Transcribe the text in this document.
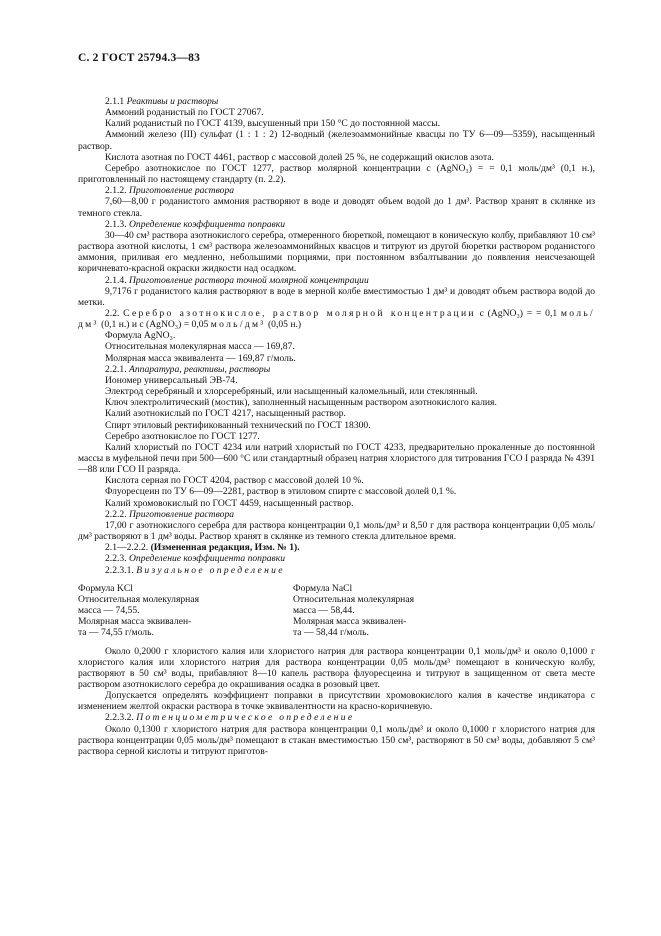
С. 2 ГОСТ 25794.3—83

2.1.1 Реактивы и растворы

Аммоний роданистый по ГОСТ 27067.

Калий роданистый по ГОСТ 4139, высушенный при 150 °С до постоянной массы.

Аммоний железо (III) сульфат (1 : 1 : 2) 12-водный (железоаммонийные квасцы по ТУ 6—09—5359), насыщенный раствор.

Кислота азотная по ГОСТ 4461, раствор с массовой долей 25 %, не содержащий окислов азота.

Серебро азотнокислое по ГОСТ 1277, раствор молярной концентрации c (AgNO₃) = = 0,1 моль/дм³ (0,1 н.), приготовленный по настоящему стандарту (п. 2.2).

2.1.2. Приготовление раствора

7,60—8,00 г роданистого аммония растворяют в воде и доводят объем водой до 1 дм³. Раствор хранят в склянке из темного стекла.

2.1.3. Определение коэффициента поправки

30—40 см³ раствора азотнокислого серебра, отмеренного бюреткой, помещают в коническую колбу, прибавляют 10 см³ раствора азотной кислоты, 1 см³ раствора железоаммонийных квасцов и титруют из другой бюретки раствором роданистого аммония, приливая его медленно, небольшими порциями, при постоянном взбалтывании до появления неисчезающей коричневато-красной окраски жидкости над осадком.

2.1.4. Приготовление раствора точной молярной концентрации

9,7176 г роданистого калия растворяют в воде в мерной колбе вместимостью 1 дм³ и доводят объем раствора водой до метки.

2.2. Серебро азотнокислое, раствор молярной концентрации c (AgNO₃) = = 0,1 моль/дм³ (0,1 н.) и c (AgNO₃) = 0,05 моль/дм³ (0,05 н.)

Формула AgNO₃.

Относительная молекулярная масса — 169,87.

Молярная масса эквивалента — 169,87 г/моль.

2.2.1. Аппаратура, реактивы, растворы

Иономер универсальный ЭВ-74.

Электрод серебряный и хлорсеребряный, или насыщенный каломельный, или стеклянный.

Ключ электролитический (мостик), заполненный насыщенным раствором азотнокислого калия.

Калий азотнокислый по ГОСТ 4217, насыщенный раствор.

Спирт этиловый ректификованный технический по ГОСТ 18300.

Серебро азотнокислое по ГОСТ 1277.

Калий хлористый по ГОСТ 4234 или натрий хлористый по ГОСТ 4233, предварительно прокаленные до постоянной массы в муфельной печи при 500—600 °С или стандартный образец натрия хлористого для титрования ГСО I разряда № 4391—88 или ГСО II разряда.

Кислота серная по ГОСТ 4204, раствор с массовой долей 10 %.

Флуоресцеин по ТУ 6—09—2281, раствор в этиловом спирте с массовой долей 0,1 %.

Калий хромовокислый по ГОСТ 4459, насыщенный раствор.

2.2.2. Приготовление раствора

17,00 г азотнокислого серебра для раствора концентрации 0,1 моль/дм³ и 8,50 г для раствора концентрации 0,05 моль/дм³ растворяют в 1 дм³ воды. Раствор хранят в склянке из темного стекла длительное время.

2.1—2.2.2. (Измененная редакция, Изм. № 1).

2.2.3. Определение коэффициента поправки

2.2.3.1. Визуальное определение

Формула KCl

Относительная молекулярная

масса — 74,55.

Молярная масса эквивален-

та — 74,55 г/моль.

Формула NaCl

Относительная молекулярная

масса — 58,44.

Молярная масса эквивален-

та — 58,44 г/моль.

Около 0,2000 г хлористого калия или хлористого натрия для раствора концентрации 0,1 моль/дм³ и около 0,1000 г хлористого калия или хлористого натрия для раствора концентрации 0,05 моль/дм³ помещают в коническую колбу, растворяют в 50 см³ воды, прибавляют 8—10 капель раствора флуоресцеина и титруют в защищенном от света месте раствором азотнокислого серебра до окрашивания осадка в розовый цвет.

Допускается определять коэффициент поправки в присутствии хромовокислого калия в качестве индикатора с изменением желтой окраски раствора в точке эквивалентности на красно-коричневую.

2.2.3.2. Потенциометрическое определение

Около 0,1300 г хлористого натрия для раствора концентрации 0,1 моль/дм³ и около 0,1000 г хлористого натрия для раствора концентрации 0,05 моль/дм³ помещают в стакан вместимостью 150 см³, растворяют в 50 см³ воды, добавляют 5 см³ раствора серной кислоты и титруют приготов-
